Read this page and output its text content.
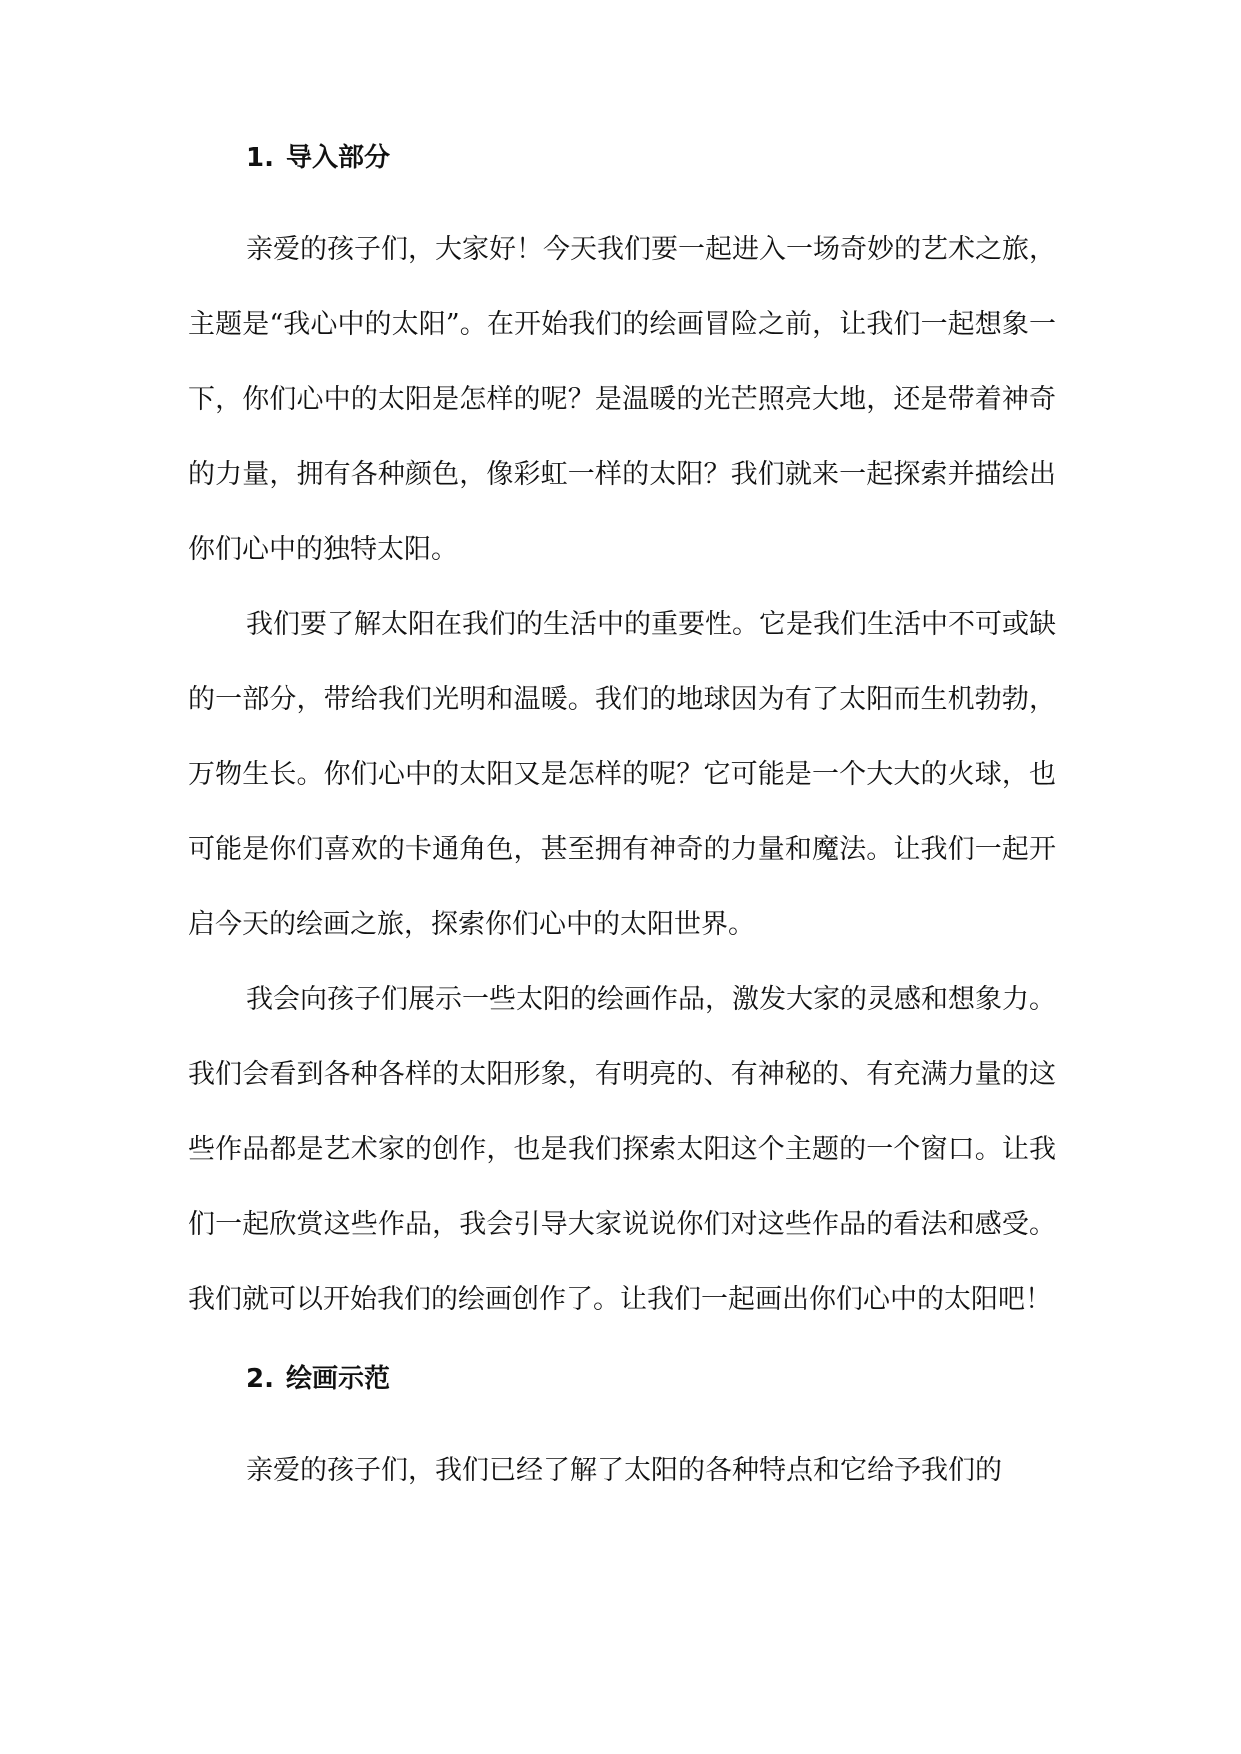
1. 导入部分

亲爱的孩子们，大家好！今天我们要一起进入一场奇妙的艺术之旅，主题是“我心中的太阳”。在开始我们的绘画冒险之前，让我们一起想象一下，你们心中的太阳是怎样的呢？是温暖的光芒照亮大地，还是带着神奇的力量，拥有各种颜色，像彩虹一样的太阳？我们就来一起探索并描绘出你们心中的独特太阳。

我们要了解太阳在我们的生活中的重要性。它是我们生活中不可或缺的一部分，带给我们光明和温暖。我们的地球因为有了太阳而生机勃勃，万物生长。你们心中的太阳又是怎样的呢？它可能是一个大大的火球，也可能是你们喜欢的卡通角色，甚至拥有神奇的力量和魔法。让我们一起开启今天的绘画之旅，探索你们心中的太阳世界。

我会向孩子们展示一些太阳的绘画作品，激发大家的灵感和想象力。我们会看到各种各样的太阳形象，有明亮的、有神秘的、有充满力量的这些作品都是艺术家的创作，也是我们探索太阳这个主题的一个窗口。让我们一起欣赏这些作品，我会引导大家说说你们对这些作品的看法和感受。我们就可以开始我们的绘画创作了。让我们一起画出你们心中的太阳吧！

2. 绘画示范

亲爱的孩子们，我们已经了解了太阳的各种特点和它给予我们的
